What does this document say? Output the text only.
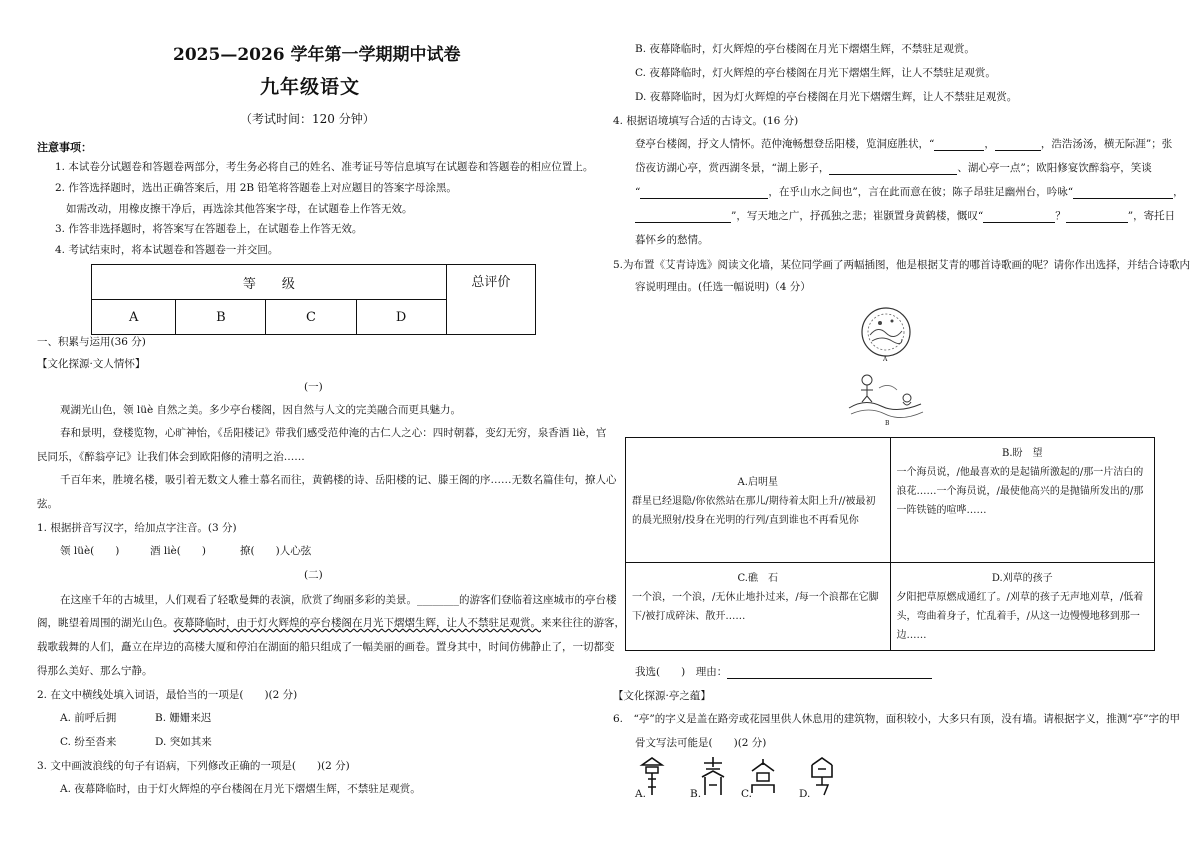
2025—2026 学年第一学期期中试卷
九年级语文
（考试时间：120 分钟）
注意事项：
1. 本试卷分试题卷和答题卷两部分，考生务必将自己的姓名、准考证号等信息填写在试题卷和答题卷的相应位置上。
2. 作答选择题时，选出正确答案后，用 2B 铅笔将答题卷上对应题目的答案字母涂黑。
如需改动，用橡皮擦干净后，再选涂其他答案字母，在试题卷上作答无效。
3. 作答非选择题时，将答案写在答题卷上，在试题卷上作答无效。
4. 考试结束时，将本试题卷和答题卷一并交回。
等　　级				总评价
A	B	C	D	
一、积累与运用(36 分)
【文化探源·文人情怀】
(一)
观湖光山色，领 lüè 自然之美。多少亭台楼阁，因自然与人文的完美融合而更具魅力。
春和景明，登楼览物，心旷神怡，《岳阳楼记》带我们感受范仲淹的古仁人之心：四时朝暮，变幻无穷，泉香酒 liè，官
民同乐，《醉翁亭记》让我们体会到欧阳修的清明之治……
千百年来，胜境名楼，吸引着无数文人雅士慕名而往，黄鹤楼的诗、岳阳楼的记、滕王阁的序……无数名篇佳句，撩人心
弦。
1. 根据拼音写汉字，给加点字注音。(3 分)
领 lüè(　　)	酒 liè(　　)	撩(　　)人心弦
(二)
在这座千年的古城里，人们观看了轻歌曼舞的表演，欣赏了绚丽多彩的美景。________的游客们登临着这座城市的亭台楼
阁，眺望着周围的湖光山色。夜幕降临时，由于灯火辉煌的亭台楼阁在月光下熠熠生辉，让人不禁驻足观赏。来来往往的游客，
载歌载舞的人们，矗立在岸边的高楼大厦和停泊在湖面的船只组成了一幅美丽的画卷。置身其中，时间仿佛静止了，一切都变
得那么美好、那么宁静。
2. 在文中横线处填入词语，最恰当的一项是(　　)(2 分)
A. 前呼后拥	B. 姗姗来迟
C. 纷至沓来	D. 突如其来
3. 文中画波浪线的句子有语病，下列修改正确的一项是(　　)(2 分)
A. 夜幕降临时，由于灯火辉煌的亭台楼阁在月光下熠熠生辉，不禁驻足观赏。
B. 夜幕降临时，灯火辉煌的亭台楼阁在月光下熠熠生辉，不禁驻足观赏。
C. 夜幕降临时，灯火辉煌的亭台楼阁在月光下熠熠生辉，让人不禁驻足观赏。
D. 夜幕降临时，因为灯火辉煌的亭台楼阁在月光下熠熠生辉，让人不禁驻足观赏。
4. 根据语境填写合适的古诗文。(16 分)
登亭台楼阁，抒文人情怀。范仲淹畅想登岳阳楼，览洞庭胜状，“	，	，浩浩汤汤，横无际涯”；张
岱夜访湖心亭，赏西湖冬景，“湖上影子，	、湖心亭一点”；欧阳修宴饮醉翁亭，笑谈
“	，在乎山水之间也”，言在此而意在彼；陈子昂驻足幽州台，吟咏“	，
”，写天地之广，抒孤独之悲；崔颢置身黄鹤楼，慨叹“	？	”，寄托日
暮怀乡的愁情。
5.为布置《艾青诗选》阅读文化墙，某位同学画了两幅插图，他是根据艾青的哪首诗歌画的呢？请你作出选择，并结合诗歌内
容说明理由。(任选一幅说明)（4 分）
A
B
A.启明星
群星已经退隐/你依然站在那儿/期待着太阳上升//被最初的晨光照射/投身在光明的行列/直到谁也不再看见你	B.盼　望
一个海员说，/他最喜欢的是起锚所激起的/那一片洁白的浪花……一个海员说，/最使他高兴的是抛锚所发出的/那一阵铁链的喧哗……

C.礁　石
一个浪，一个浪，/无休止地扑过来，/每一个浪都在它脚下/被打成碎沫、散开……	D.刈草的孩子
夕阳把草原燃成通红了。/刈草的孩子无声地刈草，/低着头，弯曲着身子，忙乱着手，/从这一边慢慢地移到那一边……
我选(　　)　理由：
【文化探源·亭之蕴】
6.　“亭”的字义是盖在路旁或花园里供人休息用的建筑物，面积较小，大多只有顶，没有墙。请根据字义，推测“亭”字的甲
骨文写法可能是(　　)(2 分)
A.	B.	C.	D.
